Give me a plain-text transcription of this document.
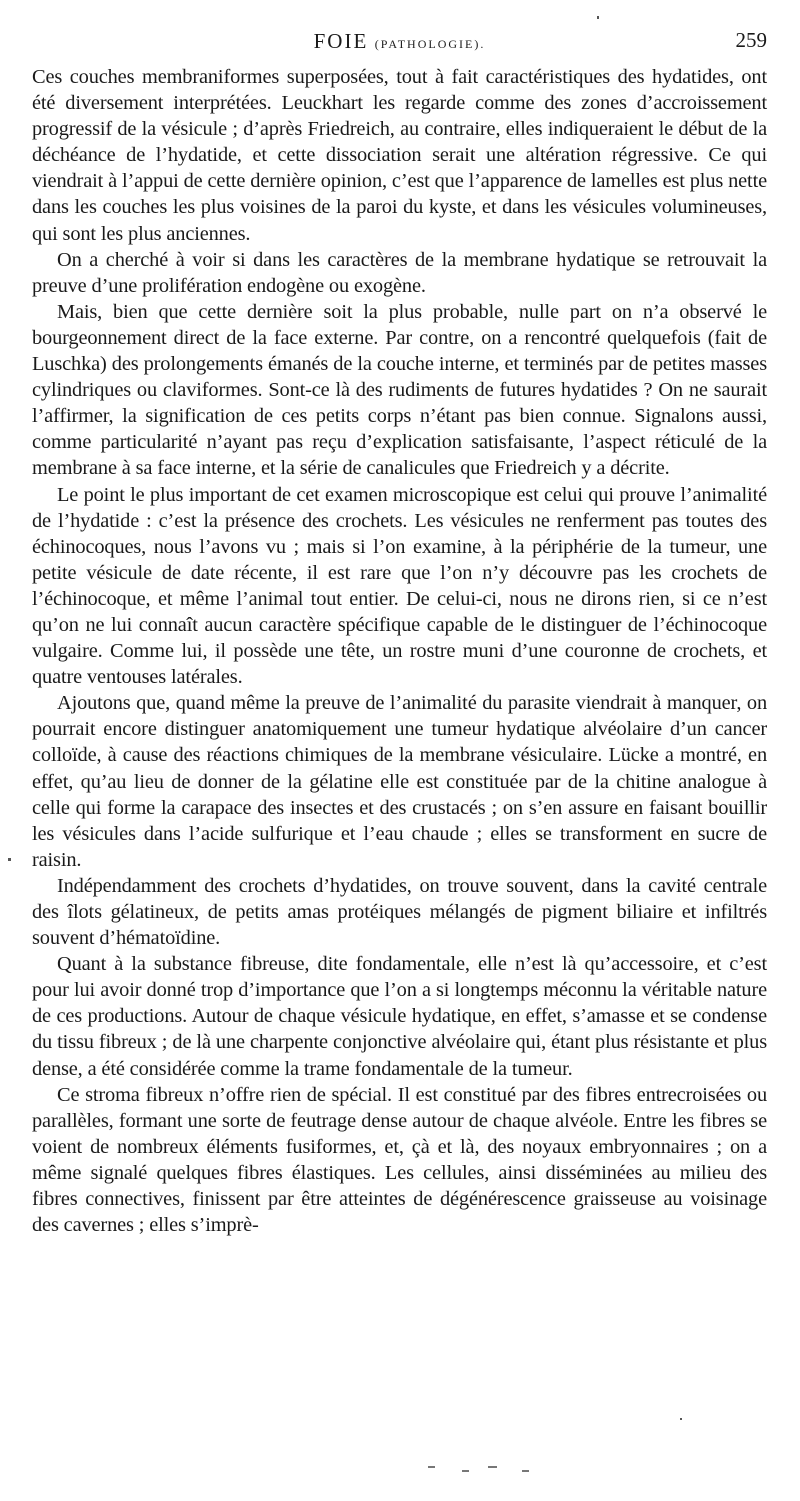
FOIE (PATHOLOGIE).	259

Ces couches membraniformes superposées, tout à fait caractéristiques des hydatides, ont été diversement interprétées. Leuckhart les regarde comme des zones d’accroissement progressif de la vésicule ; d’après Friedreich, au contraire, elles indiqueraient le début de la déchéance de l’hydatide, et cette dissociation serait une altération régressive. Ce qui viendrait à l’appui de cette dernière opinion, c’est que l’apparence de lamelles est plus nette dans les couches les plus voisines de la paroi du kyste, et dans les vésicules volumineuses, qui sont les plus anciennes.

On a cherché à voir si dans les caractères de la membrane hydatique se retrouvait la preuve d’une prolifération endogène ou exogène.

Mais, bien que cette dernière soit la plus probable, nulle part on n’a observé le bourgeonnement direct de la face externe. Par contre, on a rencontré quelquefois (fait de Luschka) des prolongements émanés de la couche interne, et terminés par de petites masses cylindriques ou claviformes. Sont-ce là des rudiments de futures hydatides ? On ne saurait l’affirmer, la signification de ces petits corps n’étant pas bien connue. Signalons aussi, comme particularité n’ayant pas reçu d’explication satisfaisante, l’aspect réticulé de la membrane à sa face interne, et la série de canalicules que Friedreich y a décrite.

Le point le plus important de cet examen microscopique est celui qui prouve l’animalité de l’hydatide : c’est la présence des crochets. Les vésicules ne renferment pas toutes des échinocoques, nous l’avons vu ; mais si l’on examine, à la périphérie de la tumeur, une petite vésicule de date récente, il est rare que l’on n’y découvre pas les crochets de l’échinocoque, et même l’animal tout entier. De celui-ci, nous ne dirons rien, si ce n’est qu’on ne lui connaît aucun caractère spécifique capable de le distinguer de l’échinocoque vulgaire. Comme lui, il possède une tête, un rostre muni d’une couronne de crochets, et quatre ventouses latérales.

Ajoutons que, quand même la preuve de l’animalité du parasite viendrait à manquer, on pourrait encore distinguer anatomiquement une tumeur hydatique alvéolaire d’un cancer colloïde, à cause des réactions chimiques de la membrane vésiculaire. Lücke a montré, en effet, qu’au lieu de donner de la gélatine elle est constituée par de la chitine analogue à celle qui forme la carapace des insectes et des crustacés ; on s’en assure en faisant bouillir les vésicules dans l’acide sulfurique et l’eau chaude ; elles se transforment en sucre de raisin.

Indépendamment des crochets d’hydatides, on trouve souvent, dans la cavité centrale des îlots gélatineux, de petits amas protéiques mélangés de pigment biliaire et infiltrés souvent d’hématoïdine.

Quant à la substance fibreuse, dite fondamentale, elle n’est là qu’accessoire, et c’est pour lui avoir donné trop d’importance que l’on a si longtemps méconnu la véritable nature de ces productions. Autour de chaque vésicule hydatique, en effet, s’amasse et se condense du tissu fibreux ; de là une charpente conjonctive alvéolaire qui, étant plus résistante et plus dense, a été considérée comme la trame fondamentale de la tumeur.

Ce stroma fibreux n’offre rien de spécial. Il est constitué par des fibres entrecroisées ou parallèles, formant une sorte de feutrage dense autour de chaque alvéole. Entre les fibres se voient de nombreux éléments fusiformes, et, çà et là, des noyaux embryonnaires ; on a même signalé quelques fibres élastiques. Les cellules, ainsi disséminées au milieu des fibres connectives, finissent par être atteintes de dégénérescence graisseuse au voisinage des cavernes ; elles s’imprè-
